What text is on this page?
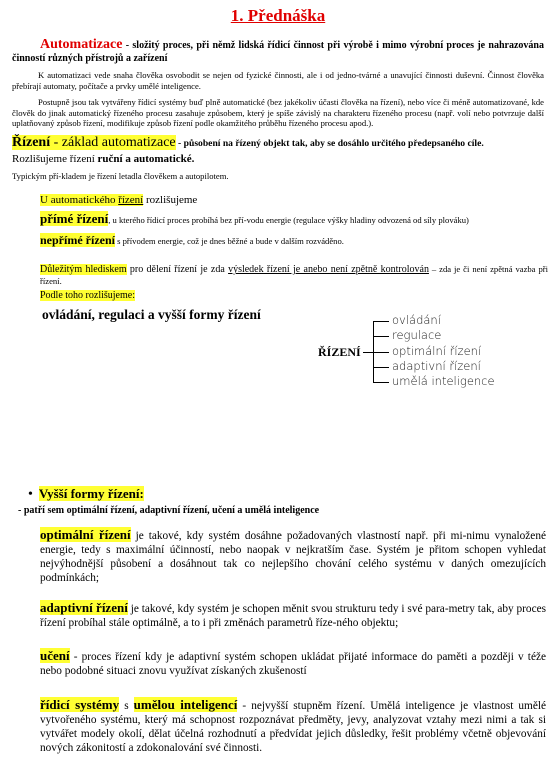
1. Přednáška
Automatizace - složitý proces, při němž lidská řídicí činnost při výrobě i mimo výrobní proces je nahrazována činností různých přístrojů a zařízení
K automatizaci vede snaha člověka osvobodit se nejen od fyzické činnosti, ale i od jedno-tvárné a unavující činnosti duševní. Činnost člověka přebírají automaty, počítače a prvky umělé inteligence.
Postupně jsou tak vytvářeny řídicí systémy buď plně automatické (bez jakékoliv účasti člověka na řízení), nebo více či méně automatizované, kde člověk do jinak automatický řízeného procesu zasahuje způsobem, který je spíše závislý na charakteru řízeného procesu (např. volí nebo potvrzuje další uplatňovaný způsob řízení, modifikuje způsob řízení podle okamžitého průběhu řízeného procesu apod.).
Řízení - základ automatizace - působení na řízený objekt tak, aby se dosáhlo určitého předepsaného cíle.
Rozlišujeme řízení ruční a automatické.
Typickým pří-kladem je řízení letadla člověkem a autopilotem.
U automatického řízení rozlišujeme
přímé řízení, u kterého řídicí proces probíhá bez pří-vodu energie (regulace výšky hladiny odvozená od síly plováku)
nepřímé řízení s přívodem energie, což je dnes běžné a bude v dalším rozváděno.
Důležitým hlediskem pro dělení řízení je zda výsledek řízení je anebo není zpětně kontrolován – zda je či není zpětná vazba při řízení.
Podle toho rozlišujeme:
ovládání, regulaci a vyšší formy řízení
ŘÍZENÍ
ovládání
regulace
optimální řízení
adaptivní řízení
umělá inteligence
• Vyšší formy řízení:
- patří sem optimální řízení, adaptivní řízení, učení a umělá inteligence
optimální řízení je takové, kdy systém dosáhne požadovaných vlastností např. při mi-nimu vynaložené energie, tedy s maximální účinností, nebo naopak v nejkratším čase. Systém je přitom schopen vyhledat nejvýhodnější působení a dosáhnout tak co nejlepšího chování celého systému v daných omezujících podmínkách;
adaptivní řízení je takové, kdy systém je schopen měnit svou strukturu tedy i své para-metry tak, aby proces řízení probíhal stále optimálně, a to i při změnách parametrů říze-ného objektu;
učení - proces řízení kdy je adaptivní systém schopen ukládat přijaté informace do paměti a později v téže nebo podobné situaci znovu využívat získaných zkušeností
řídicí systémy s umělou inteligencí - nejvyšší stupněm řízení. Umělá inteligence je vlastnost umělé vytvořeného systému, který má schopnost rozpoznávat předměty, jevy, analyzovat vztahy mezi nimi a tak si vytvářet modely okolí, dělat účelná rozhodnutí a předvídat jejich důsledky, řešit problémy včetně objevování nových zákonitostí a zdokonalování své činnosti.
